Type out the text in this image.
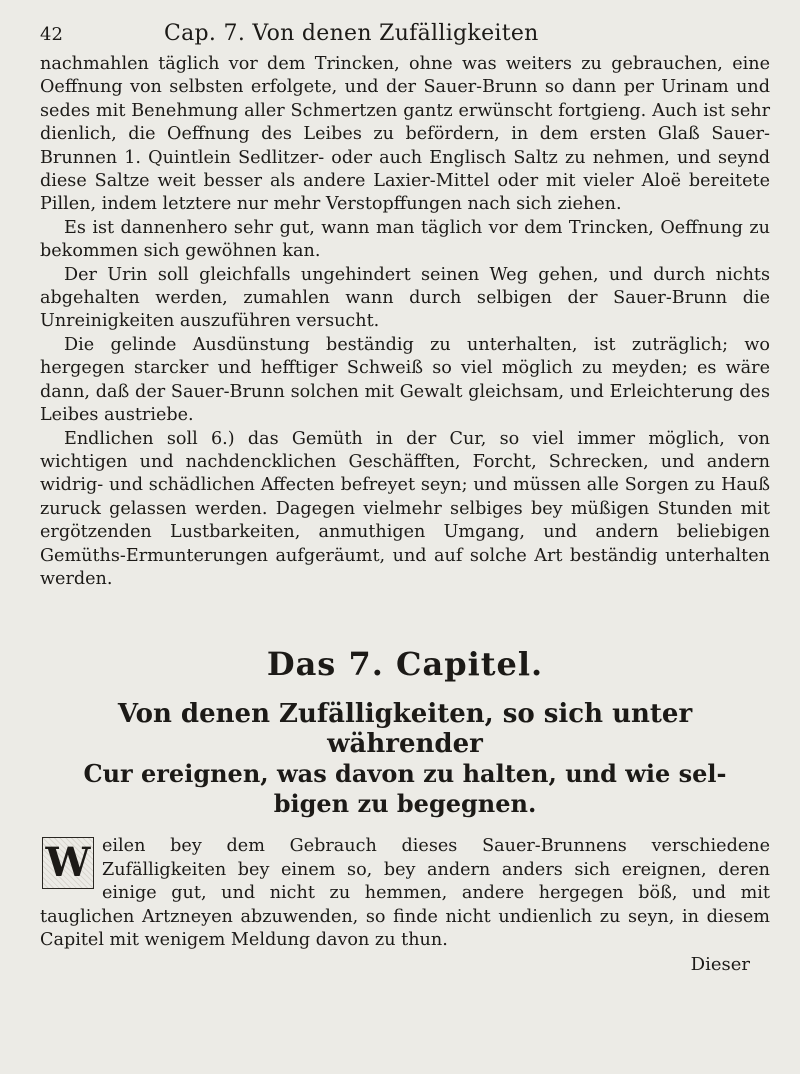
42	Cap. 7. Von denen Zufälligkeiten

nachmahlen täglich vor dem Trincken, ohne was weiters zu gebrauchen, eine Oeffnung von selbsten erfolgete, und der Sauer-Brunn so dann per Urinam und sedes mit Benehmung aller Schmertzen gantz erwünscht fortgieng. Auch ist sehr dienlich, die Oeffnung des Leibes zu befördern, in dem ersten Glaß Sauer-Brunnen 1. Quintlein Sedlitzer- oder auch Englisch Saltz zu nehmen, und seynd diese Saltze weit besser als andere Laxier-Mittel oder mit vieler Aloë bereitete Pillen, indem letztere nur mehr Verstopffungen nach sich ziehen.

Es ist dannenhero sehr gut, wann man täglich vor dem Trincken, Oeffnung zu bekommen sich gewöhnen kan.

Der Urin soll gleichfalls ungehindert seinen Weg gehen, und durch nichts abgehalten werden, zumahlen wann durch selbigen der Sauer-Brunn die Unreinigkeiten auszuführen versucht.

Die gelinde Ausdünstung beständig zu unterhalten, ist zuträglich; wo hergegen starcker und hefftiger Schweiß so viel möglich zu meyden; es wäre dann, daß der Sauer-Brunn solchen mit Gewalt gleichsam, und Erleichterung des Leibes austriebe.

Endlichen soll 6.) das Gemüth in der Cur, so viel immer möglich, von wichtigen und nachdencklichen Geschäfften, Forcht, Schrecken, und andern widrig- und schädlichen Affecten befreyet seyn; und müssen alle Sorgen zu Hauß zuruck gelassen werden. Dagegen vielmehr selbiges bey müßigen Stunden mit ergötzenden Lustbarkeiten, anmuthigen Umgang, und andern beliebigen Gemüths-Ermunterungen aufgeräumt, und auf solche Art beständig unterhalten werden.

Das 7. Capitel.
Von denen Zufälligkeiten, so sich unter währender
Cur ereignen, was davon zu halten, und wie sel-
bigen zu begegnen.
W eilen bey dem Gebrauch dieses Sauer-Brunnens verschiedene Zufälligkeiten bey einem so, bey andern anders sich ereignen, deren einige gut, und nicht zu hemmen, andere hergegen böß, und mit tauglichen Artzneyen abzuwenden, so finde nicht undienlich zu seyn, in diesem Capitel mit wenigem Meldung davon zu thun.

Dieser
